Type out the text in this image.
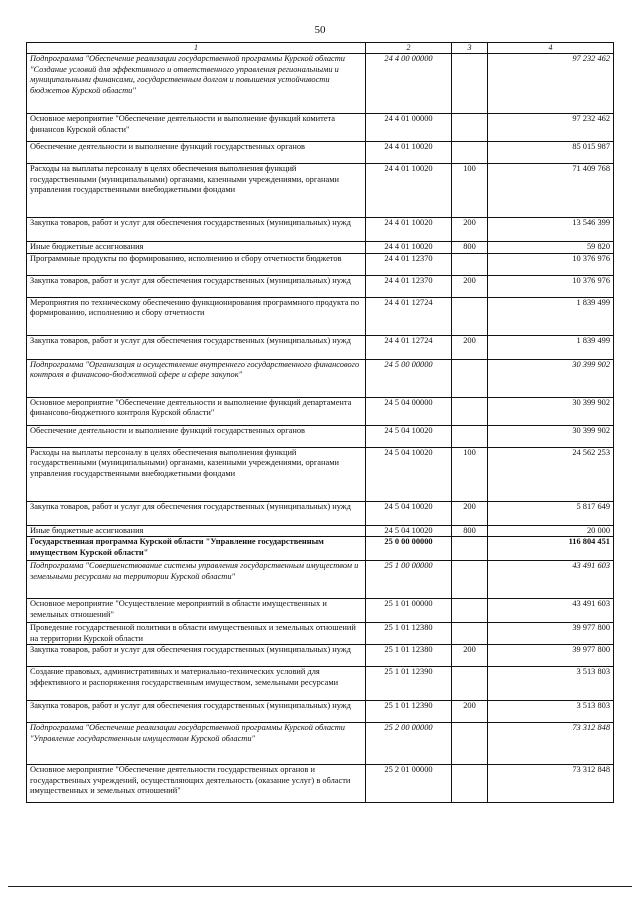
50
1	2	3	4
Подпрограмма "Обеспечение реализации государственной программы Курской области "Создание условий для эффективного и ответственного управления региональными и муниципальными финансами, государственным долгом и повышения устойчивости бюджетов Курской области"	24 4 00 00000		97 232 462
Основное мероприятие "Обеспечение деятельности и выполнение функций комитета финансов Курской области"	24 4 01 00000		97 232 462
Обеспечение деятельности и выполнение функций государственных органов	24 4 01 10020		85 015 987
Расходы на выплаты персоналу в целях обеспечения выполнения функций государственными (муниципальными) органами, казенными учреждениями, органами управления государственными внебюджетными фондами	24 4 01 10020	100	71 409 768
Закупка товаров, работ и услуг для обеспечения государственных (муниципальных) нужд	24 4 01 10020	200	13 546 399
Иные бюджетные ассигнования	24 4 01 10020	800	59 820
Программные продукты по формированию, исполнению и сбору отчетности бюджетов	24 4 01 12370		10 376 976
Закупка товаров, работ и услуг для обеспечения государственных (муниципальных) нужд	24 4 01 12370	200	10 376 976
Мероприятия по техническому обеспечению функционирования программного продукта по формированию, исполнению и сбору отчетности	24 4 01 12724		1 839 499
Закупка товаров, работ и услуг для обеспечения государственных (муниципальных) нужд	24 4 01 12724	200	1 839 499
Подпрограмма "Организация и осуществление внутреннего государственного финансового контроля в финансово-бюджетной сфере и сфере закупок"	24 5 00 00000		30 399 902
Основное мероприятие "Обеспечение деятельности и выполнение функций департамента финансово-бюджетного контроля Курской области"	24 5 04 00000		30 399 902
Обеспечение деятельности и выполнение функций государственных органов	24 5 04 10020		30 399 902
Расходы на выплаты персоналу в целях обеспечения выполнения функций государственными (муниципальными) органами, казенными учреждениями, органами управления государственными внебюджетными фондами	24 5 04 10020	100	24 562 253
Закупка товаров, работ и услуг для обеспечения государственных (муниципальных) нужд	24 5 04 10020	200	5 817 649
Иные бюджетные ассигнования	24 5 04 10020	800	20 000
Государственная программа Курской области "Управление государственным имуществом Курской области"	25 0 00 00000		116 804 451
Подпрограмма "Совершенствование системы управления государственным имуществом и земельными ресурсами на территории Курской области"	25 1 00 00000		43 491 603
Основное мероприятие "Осуществление мероприятий в области имущественных и земельных отношений"	25 1 01 00000		43 491 603
Проведение государственной политики в области имущественных и земельных отношений на территории Курской области	25 1 01 12380		39 977 800
Закупка товаров, работ и услуг для обеспечения государственных (муниципальных) нужд	25 1 01 12380	200	39 977 800
Создание правовых, административных и материально-технических условий для эффективного и распоряжения государственным имуществом, земельными ресурсами	25 1 01 12390		3 513 803
Закупка товаров, работ и услуг для обеспечения государственных (муниципальных) нужд	25 1 01 12390	200	3 513 803
Подпрограмма "Обеспечение реализации государственной программы Курской области "Управление государственным имуществом Курской области"	25 2 00 00000		73 312 848
Основное мероприятие "Обеспечение деятельности государственных органов и государственных учреждений, осуществляющих деятельность (оказание услуг) в области имущественных и земельных отношений"	25 2 01 00000		73 312 848
